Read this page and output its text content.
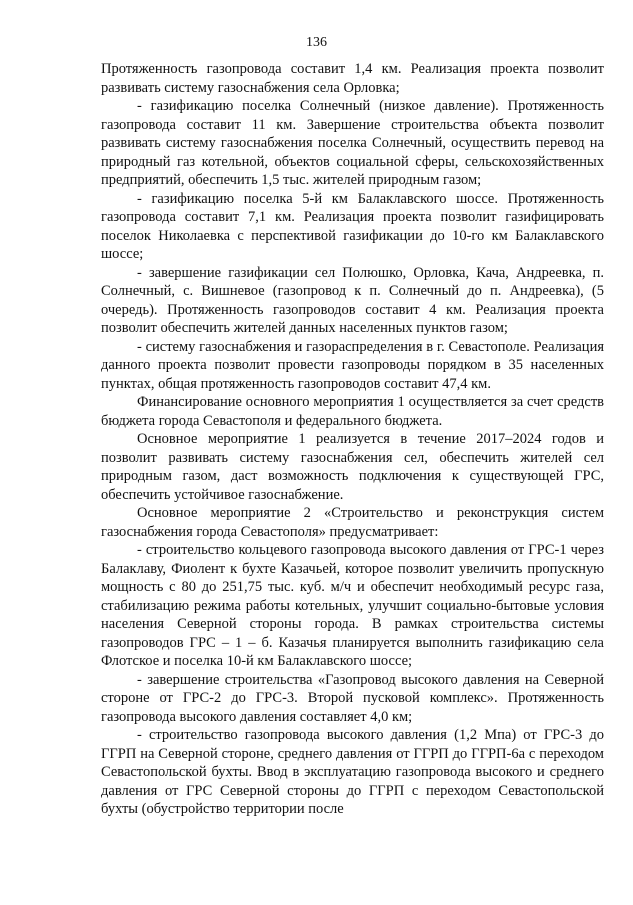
136

Протяженность газопровода составит 1,4 км. Реализация проекта позволит развивать систему газоснабжения села Орловка;

- газификацию поселка Солнечный (низкое давление). Протяженность газопровода составит 11 км. Завершение строительства объекта позволит развивать систему газоснабжения поселка Солнечный, осуществить перевод на природный газ котельной, объектов социальной сферы, сельскохозяйственных предприятий, обеспечить 1,5 тыс. жителей природным газом;

- газификацию поселка 5-й км Балаклавского шоссе. Протяженность газопровода составит 7,1 км. Реализация проекта позволит газифицировать поселок Николаевка с перспективой газификации до 10-го км Балаклавского шоссе;

- завершение газификации сел Полюшко, Орловка, Кача, Андреевка, п. Солнечный, с. Вишневое (газопровод к п. Солнечный до п. Андреевка), (5 очередь). Протяженность газопроводов составит 4 км. Реализация проекта позволит обеспечить жителей данных населенных пунктов газом;

- систему газоснабжения и газораспределения в г. Севастополе. Реализация данного проекта позволит провести газопроводы порядком в 35 населенных пунктах, общая протяженность газопроводов составит 47,4 км.

Финансирование основного мероприятия 1 осуществляется за счет средств бюджета города Севастополя и федерального бюджета.

Основное мероприятие 1 реализуется в течение 2017–2024 годов и позволит развивать систему газоснабжения сел, обеспечить жителей сел природным газом, даст возможность подключения к существующей ГРС, обеспечить устойчивое газоснабжение.

Основное мероприятие 2 «Строительство и реконструкция систем газоснабжения города Севастополя» предусматривает:

- строительство кольцевого газопровода высокого давления от ГРС-1 через Балаклаву, Фиолент к бухте Казачьей, которое позволит увеличить пропускную мощность с 80 до 251,75 тыс. куб. м/ч и обеспечит необходимый ресурс газа, стабилизацию режима работы котельных, улучшит социально-бытовые условия населения Северной стороны города. В рамках строительства системы газопроводов ГРС – 1 – б. Казачья планируется выполнить газификацию села Флотское и поселка 10-й км Балаклавского шоссе;

- завершение строительства «Газопровод высокого давления на Северной стороне от ГРС-2 до ГРС-3. Второй пусковой комплекс». Протяженность газопровода высокого давления составляет 4,0 км;

- строительство газопровода высокого давления (1,2 Мпа) от ГРС-3 до ГГРП на Северной стороне, среднего давления от ГГРП до ГГРП-6а с переходом Севастопольской бухты. Ввод в эксплуатацию газопровода высокого и среднего давления от ГРС Северной стороны до ГГРП с переходом Севастопольской бухты (обустройство территории после
